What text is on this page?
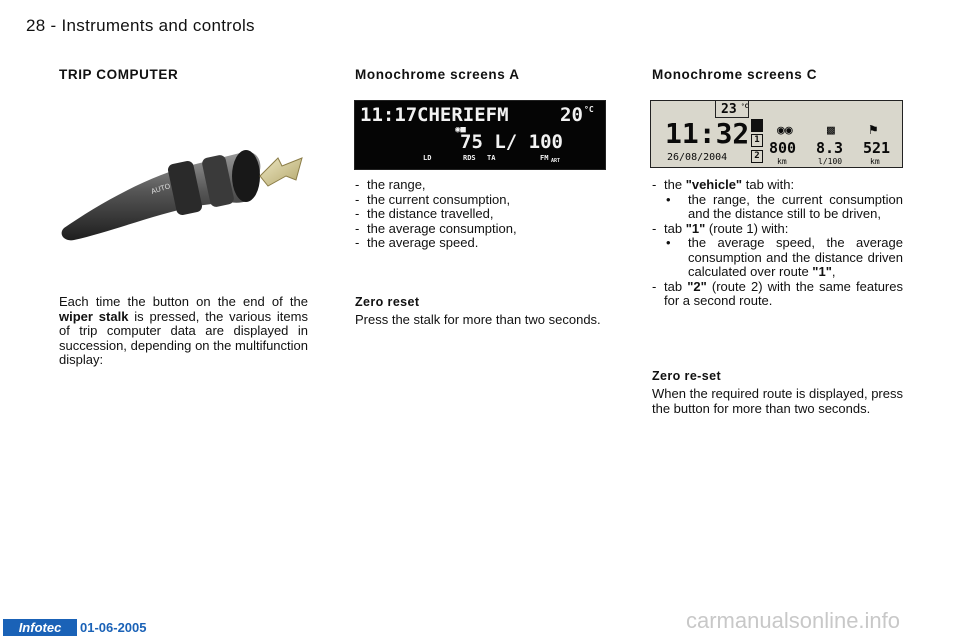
28 - Instruments and controls
TRIP COMPUTER
AUTO
Each time the button on the end of the wiper stalk is pressed, the various items of trip computer data are displayed in succession, depending on the multifunction display:
Monochrome screens A
11:17 CHERIEFM	20 °C
◉■
75 L/ 100
LD	RDS TA	FM ART
- the range,
- the current consumption,
- the distance travelled,
- the average consumption,
- the average speed.
Zero reset
Press the stalk for more than two seconds.
Monochrome screens C
23 °C
11:32
26/08/2004
1
2
◉◉	▩ ⚑
800 8.3 521
km	l/100	km
- the "vehicle" tab with:
• the range, the current consumption and the distance still to be driven,
- tab "1" (route 1) with:
• the average speed, the average consumption and the distance driven calculated over route "1",
- tab "2" (route 2) with the same features for a second route.
Zero re-set
When the required route is displayed, press the button for more than two seconds.
Infotec	01-06-2005	carmanualsonline.info
